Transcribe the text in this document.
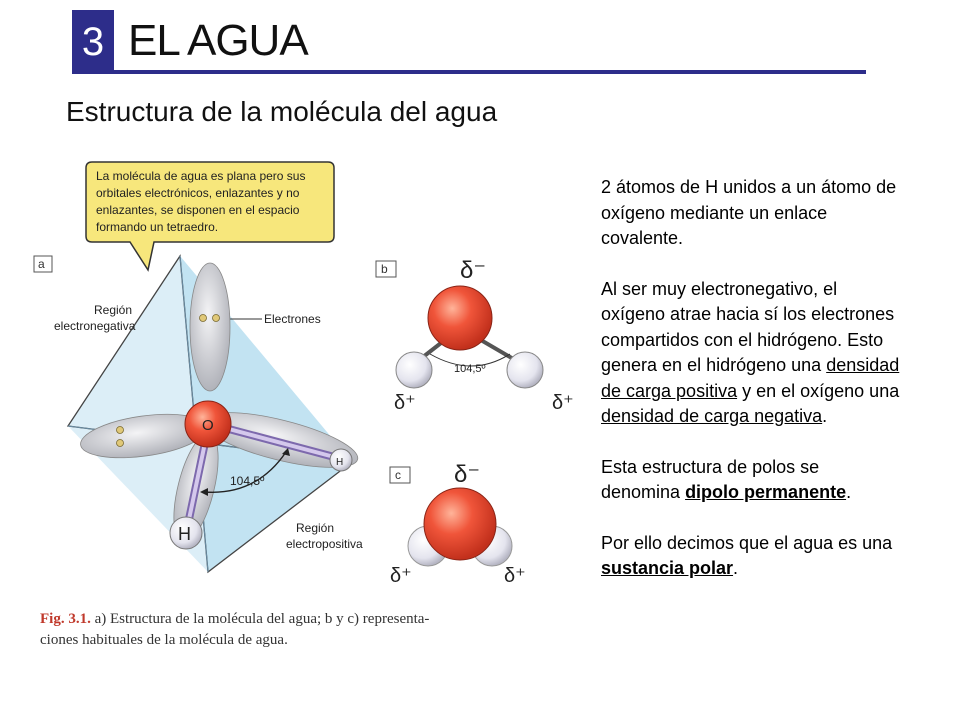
3 EL AGUA
Estructura de la molécula del agua
La molécula de agua es plana pero sus
orbitales electrónicos, enlazantes y no
enlazantes, se disponen en el espacio
formando un tetraedro.
a
Región
electronegativa	Electrones
O
H
H
104,5º
Región
electropositiva
b	δ⁻
104,5º
δ⁺	δ⁺
c δ⁻
δ⁺	δ⁺
Fig. 3.1. a) Estructura de la molécula del agua; b y c) representa-
ciones habituales de la molécula de agua.

2 átomos de H unidos a un átomo de oxígeno mediante un enlace covalente.

Al ser muy electronegativo, el oxígeno atrae hacia sí los electrones compartidos con el hidrógeno. Esto genera en el hidrógeno una densidad de carga positiva y en el oxígeno una densidad de carga negativa.

Esta estructura de polos se denomina dipolo permanente.

Por ello decimos que el agua es una sustancia polar.
